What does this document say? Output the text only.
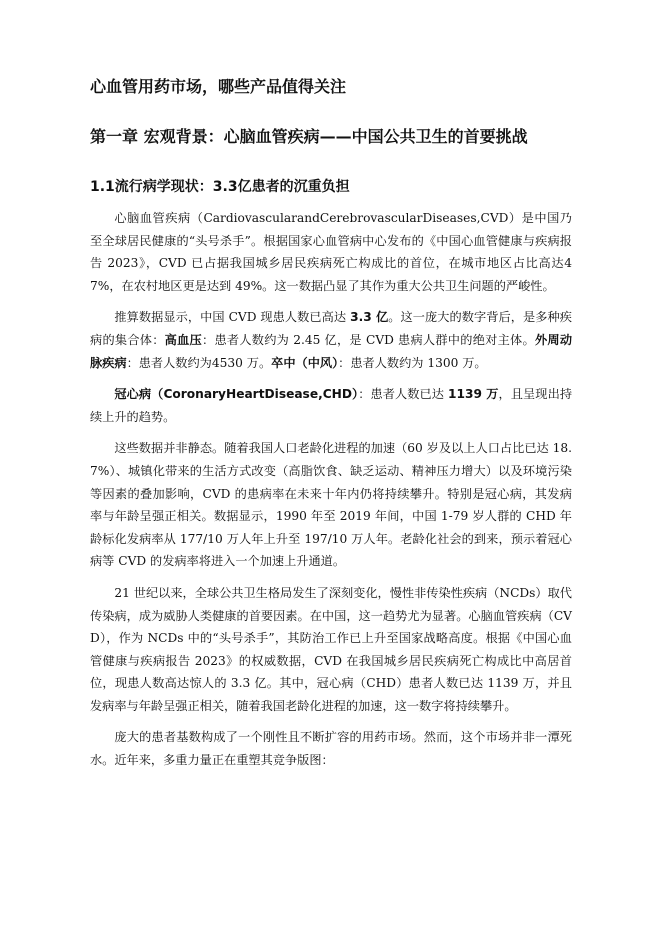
心血管用药市场，哪些产品值得关注
第一章 宏观背景：心脑血管疾病——中国公共卫生的首要挑战
1.1流行病学现状：3.3亿患者的沉重负担

心脑血管疾病（CardiovascularandCerebrovascularDiseases,CVD）是中国乃至全球居民健康的“头号杀手”。根据国家心血管病中心发布的《中国心血管健康与疾病报告 2023》，CVD 已占据我国城乡居民疾病死亡构成比的首位，在城市地区占比高达47%，在农村地区更是达到 49%。这一数据凸显了其作为重大公共卫生问题的严峻性。

推算数据显示，中国 CVD 现患人数已高达 3.3 亿。这一庞大的数字背后，是多种疾病的集合体：高血压：患者人数约为 2.45 亿，是 CVD 患病人群中的绝对主体。外周动脉疾病：患者人数约为4530 万。卒中（中风）：患者人数约为 1300 万。

冠心病（CoronaryHeartDisease,CHD）：患者人数已达 1139 万，且呈现出持续上升的趋势。

这些数据并非静态。随着我国人口老龄化进程的加速（60 岁及以上人口占比已达 18.7%）、城镇化带来的生活方式改变（高脂饮食、缺乏运动、精神压力增大）以及环境污染等因素的叠加影响，CVD 的患病率在未来十年内仍将持续攀升。特别是冠心病，其发病率与年龄呈强正相关。数据显示，1990 年至 2019 年间，中国 1-79 岁人群的 CHD 年龄标化发病率从 177/10 万人年上升至 197/10 万人年。老龄化社会的到来，预示着冠心病等 CVD 的发病率将进入一个加速上升通道。

21 世纪以来，全球公共卫生格局发生了深刻变化，慢性非传染性疾病（NCDs）取代传染病，成为威胁人类健康的首要因素。在中国，这一趋势尤为显著。心脑血管疾病（CVD），作为 NCDs 中的“头号杀手”，其防治工作已上升至国家战略高度。根据《中国心血管健康与疾病报告 2023》的权威数据，CVD 在我国城乡居民疾病死亡构成比中高居首位，现患人数高达惊人的 3.3 亿。其中，冠心病（CHD）患者人数已达 1139 万，并且发病率与年龄呈强正相关，随着我国老龄化进程的加速，这一数字将持续攀升。

庞大的患者基数构成了一个刚性且不断扩容的用药市场。然而，这个市场并非一潭死水。近年来，多重力量正在重塑其竞争版图：
